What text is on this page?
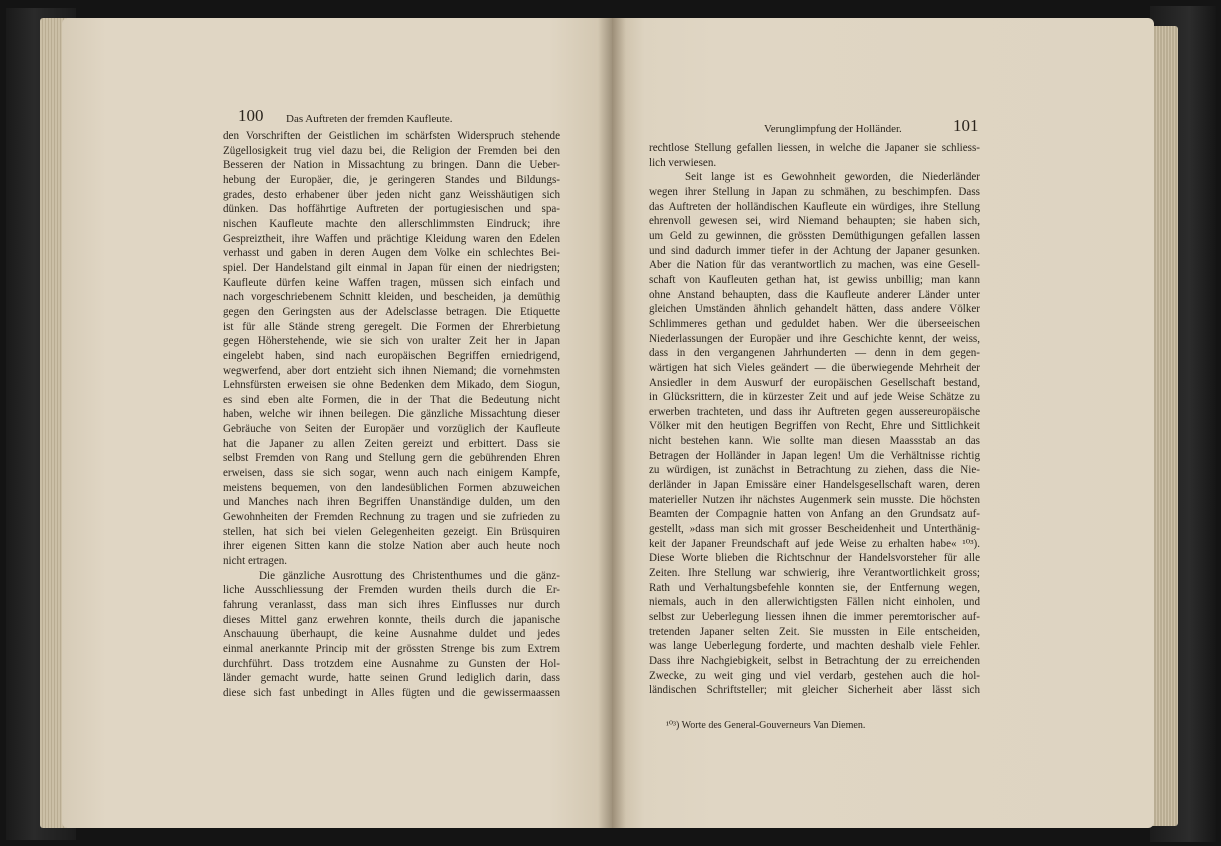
100 Das Auftreten der fremden Kaufleute.
Verunglimpfung der Holländer.	101
den Vorschriften der Geistlichen im schärfsten Widerspruch stehende
Zügellosigkeit trug viel dazu bei, die Religion der Fremden bei den
Besseren der Nation in Missachtung zu bringen. Dann die Ueber-
hebung der Europäer, die, je geringeren Standes und Bildungs-
grades, desto erhabener über jeden nicht ganz Weisshäutigen sich
dünken. Das hoffährtige Auftreten der portugiesischen und spa-
nischen Kaufleute machte den allerschlimmsten Eindruck; ihre
Gespreiztheit, ihre Waffen und prächtige Kleidung waren den Edelen
verhasst und gaben in deren Augen dem Volke ein schlechtes Bei-
spiel. Der Handelstand gilt einmal in Japan für einen der niedrigsten;
Kaufleute dürfen keine Waffen tragen, müssen sich einfach und
nach vorgeschriebenem Schnitt kleiden, und bescheiden, ja demüthig
gegen den Geringsten aus der Adelsclasse betragen. Die Etiquette
ist für alle Stände streng geregelt. Die Formen der Ehrerbietung
gegen Höherstehende, wie sie sich von uralter Zeit her in Japan
eingelebt haben, sind nach europäischen Begriffen erniedrigend,
wegwerfend, aber dort entzieht sich ihnen Niemand; die vornehmsten
Lehnsfürsten erweisen sie ohne Bedenken dem Mikado, dem Siogun,
es sind eben alte Formen, die in der That die Bedeutung nicht
haben, welche wir ihnen beilegen. Die gänzliche Missachtung dieser
Gebräuche von Seiten der Europäer und vorzüglich der Kaufleute
hat die Japaner zu allen Zeiten gereizt und erbittert. Dass sie
selbst Fremden von Rang und Stellung gern die gebührenden Ehren
erweisen, dass sie sich sogar, wenn auch nach einigem Kampfe,
meistens bequemen, von den landesüblichen Formen abzuweichen
und Manches nach ihren Begriffen Unanständige dulden, um den
Gewohnheiten der Fremden Rechnung zu tragen und sie zufrieden zu
stellen, hat sich bei vielen Gelegenheiten gezeigt. Ein Brüsquiren
ihrer eigenen Sitten kann die stolze Nation aber auch heute noch
nicht ertragen.
Die gänzliche Ausrottung des Christenthumes und die gänz-
liche Ausschliessung der Fremden wurden theils durch die Er-
fahrung veranlasst, dass man sich ihres Einflusses nur durch
dieses Mittel ganz erwehren konnte, theils durch die japanische
Anschauung überhaupt, die keine Ausnahme duldet und jedes
einmal anerkannte Princip mit der grössten Strenge bis zum Extrem
durchführt. Dass trotzdem eine Ausnahme zu Gunsten der Hol-
länder gemacht wurde, hatte seinen Grund lediglich darin, dass
diese sich fast unbedingt in Alles fügten und die gewissermaassen
rechtlose Stellung gefallen liessen, in welche die Japaner sie schliess-
lich verwiesen.
Seit lange ist es Gewohnheit geworden, die Niederländer
wegen ihrer Stellung in Japan zu schmähen, zu beschimpfen. Dass
das Auftreten der holländischen Kaufleute ein würdiges, ihre Stellung
ehrenvoll gewesen sei, wird Niemand behaupten; sie haben sich,
um Geld zu gewinnen, die grössten Demüthigungen gefallen lassen
und sind dadurch immer tiefer in der Achtung der Japaner gesunken.
Aber die Nation für das verantwortlich zu machen, was eine Gesell-
schaft von Kaufleuten gethan hat, ist gewiss unbillig; man kann
ohne Anstand behaupten, dass die Kaufleute anderer Länder unter
gleichen Umständen ähnlich gehandelt hätten, dass andere Völker
Schlimmeres gethan und geduldet haben. Wer die überseeischen
Niederlassungen der Europäer und ihre Geschichte kennt, der weiss,
dass in den vergangenen Jahrhunderten — denn in dem gegen-
wärtigen hat sich Vieles geändert — die überwiegende Mehrheit der
Ansiedler in dem Auswurf der europäischen Gesellschaft bestand,
in Glücksrittern, die in kürzester Zeit und auf jede Weise Schätze zu
erwerben trachteten, und dass ihr Auftreten gegen aussereuropäische
Völker mit den heutigen Begriffen von Recht, Ehre und Sittlichkeit
nicht bestehen kann. Wie sollte man diesen Maassstab an das
Betragen der Holländer in Japan legen! Um die Verhältnisse richtig
zu würdigen, ist zunächst in Betrachtung zu ziehen, dass die Nie-
derländer in Japan Emissäre einer Handelsgesellschaft waren, deren
materieller Nutzen ihr nächstes Augenmerk sein musste. Die höchsten
Beamten der Compagnie hatten von Anfang an den Grundsatz auf-
gestellt, »dass man sich mit grosser Bescheidenheit und Unterthänig-
keit der Japaner Freundschaft auf jede Weise zu erhalten habe« ¹⁰³).
Diese Worte blieben die Richtschnur der Handelsvorsteher für alle
Zeiten. Ihre Stellung war schwierig, ihre Verantwortlichkeit gross;
Rath und Verhaltungsbefehle konnten sie, der Entfernung wegen,
niemals, auch in den allerwichtigsten Fällen nicht einholen, und
selbst zur Ueberlegung liessen ihnen die immer peremtorischer auf-
tretenden Japaner selten Zeit. Sie mussten in Eile entscheiden,
was lange Ueberlegung forderte, und machten deshalb viele Fehler.
Dass ihre Nachgiebigkeit, selbst in Betrachtung der zu erreichenden
Zwecke, zu weit ging und viel verdarb, gestehen auch die hol-
ländischen Schriftsteller; mit gleicher Sicherheit aber lässt sich
¹⁰³) Worte des General-Gouverneurs Van Diemen.
